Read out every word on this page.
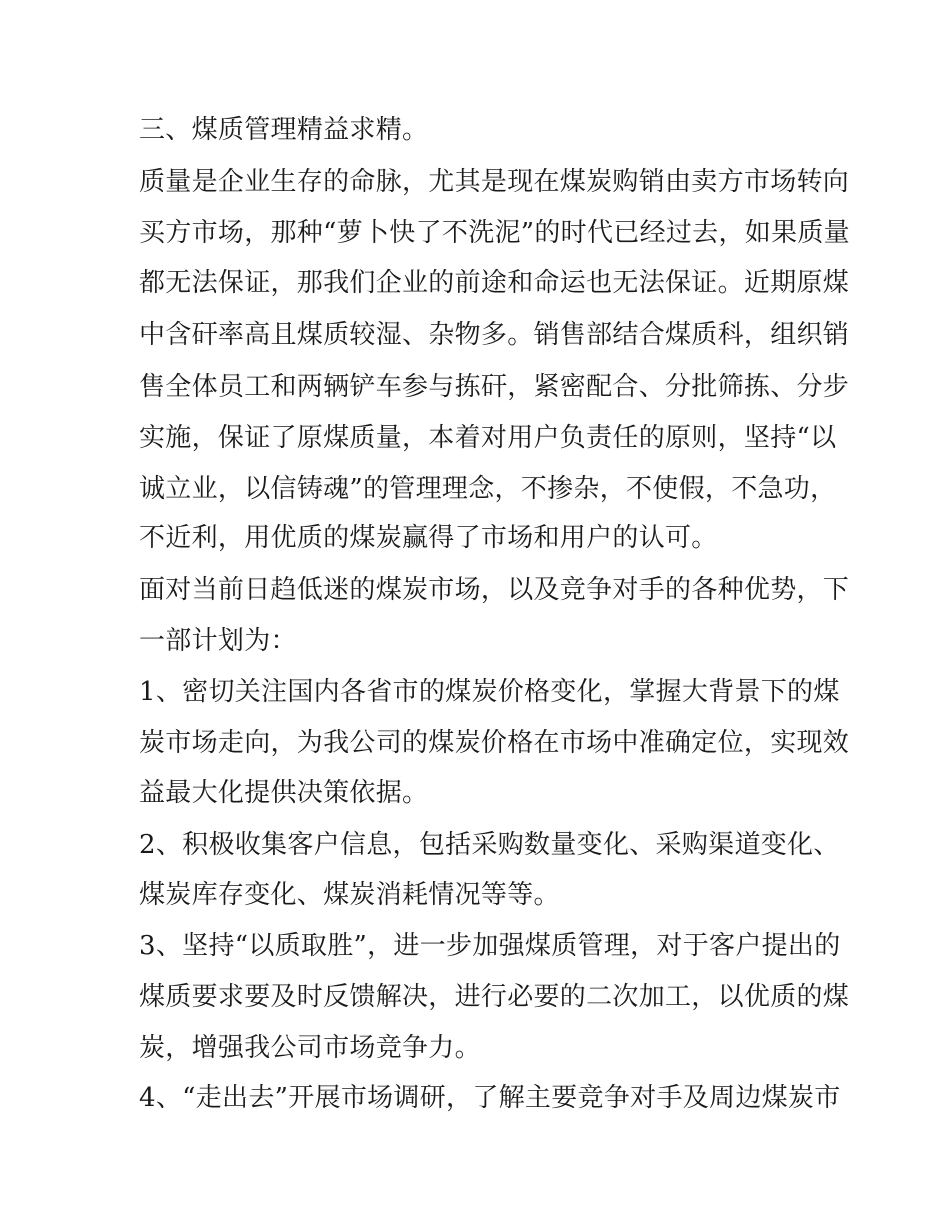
三、煤质管理精益求精。
质量是企业生存的命脉，尤其是现在煤炭购销由卖方市场转向
买方市场，那种“萝卜快了不洗泥”的时代已经过去，如果质量
都无法保证，那我们企业的前途和命运也无法保证。近期原煤
中含矸率高且煤质较湿、杂物多。销售部结合煤质科，组织销
售全体员工和两辆铲车参与拣矸，紧密配合、分批筛拣、分步
实施，保证了原煤质量，本着对用户负责任的原则，坚持“以
诚立业，以信铸魂”的管理理念，不掺杂，不使假，不急功，
不近利，用优质的煤炭赢得了市场和用户的认可。
面对当前日趋低迷的煤炭市场，以及竞争对手的各种优势，下
一部计划为：
1、密切关注国内各省市的煤炭价格变化，掌握大背景下的煤
炭市场走向，为我公司的煤炭价格在市场中准确定位，实现效
益最大化提供决策依据。
2、积极收集客户信息，包括采购数量变化、采购渠道变化、
煤炭库存变化、煤炭消耗情况等等。
3、坚持“以质取胜”，进一步加强煤质管理，对于客户提出的
煤质要求要及时反馈解决，进行必要的二次加工，以优质的煤
炭，增强我公司市场竞争力。
4、“走出去”开展市场调研，了解主要竞争对手及周边煤炭市
